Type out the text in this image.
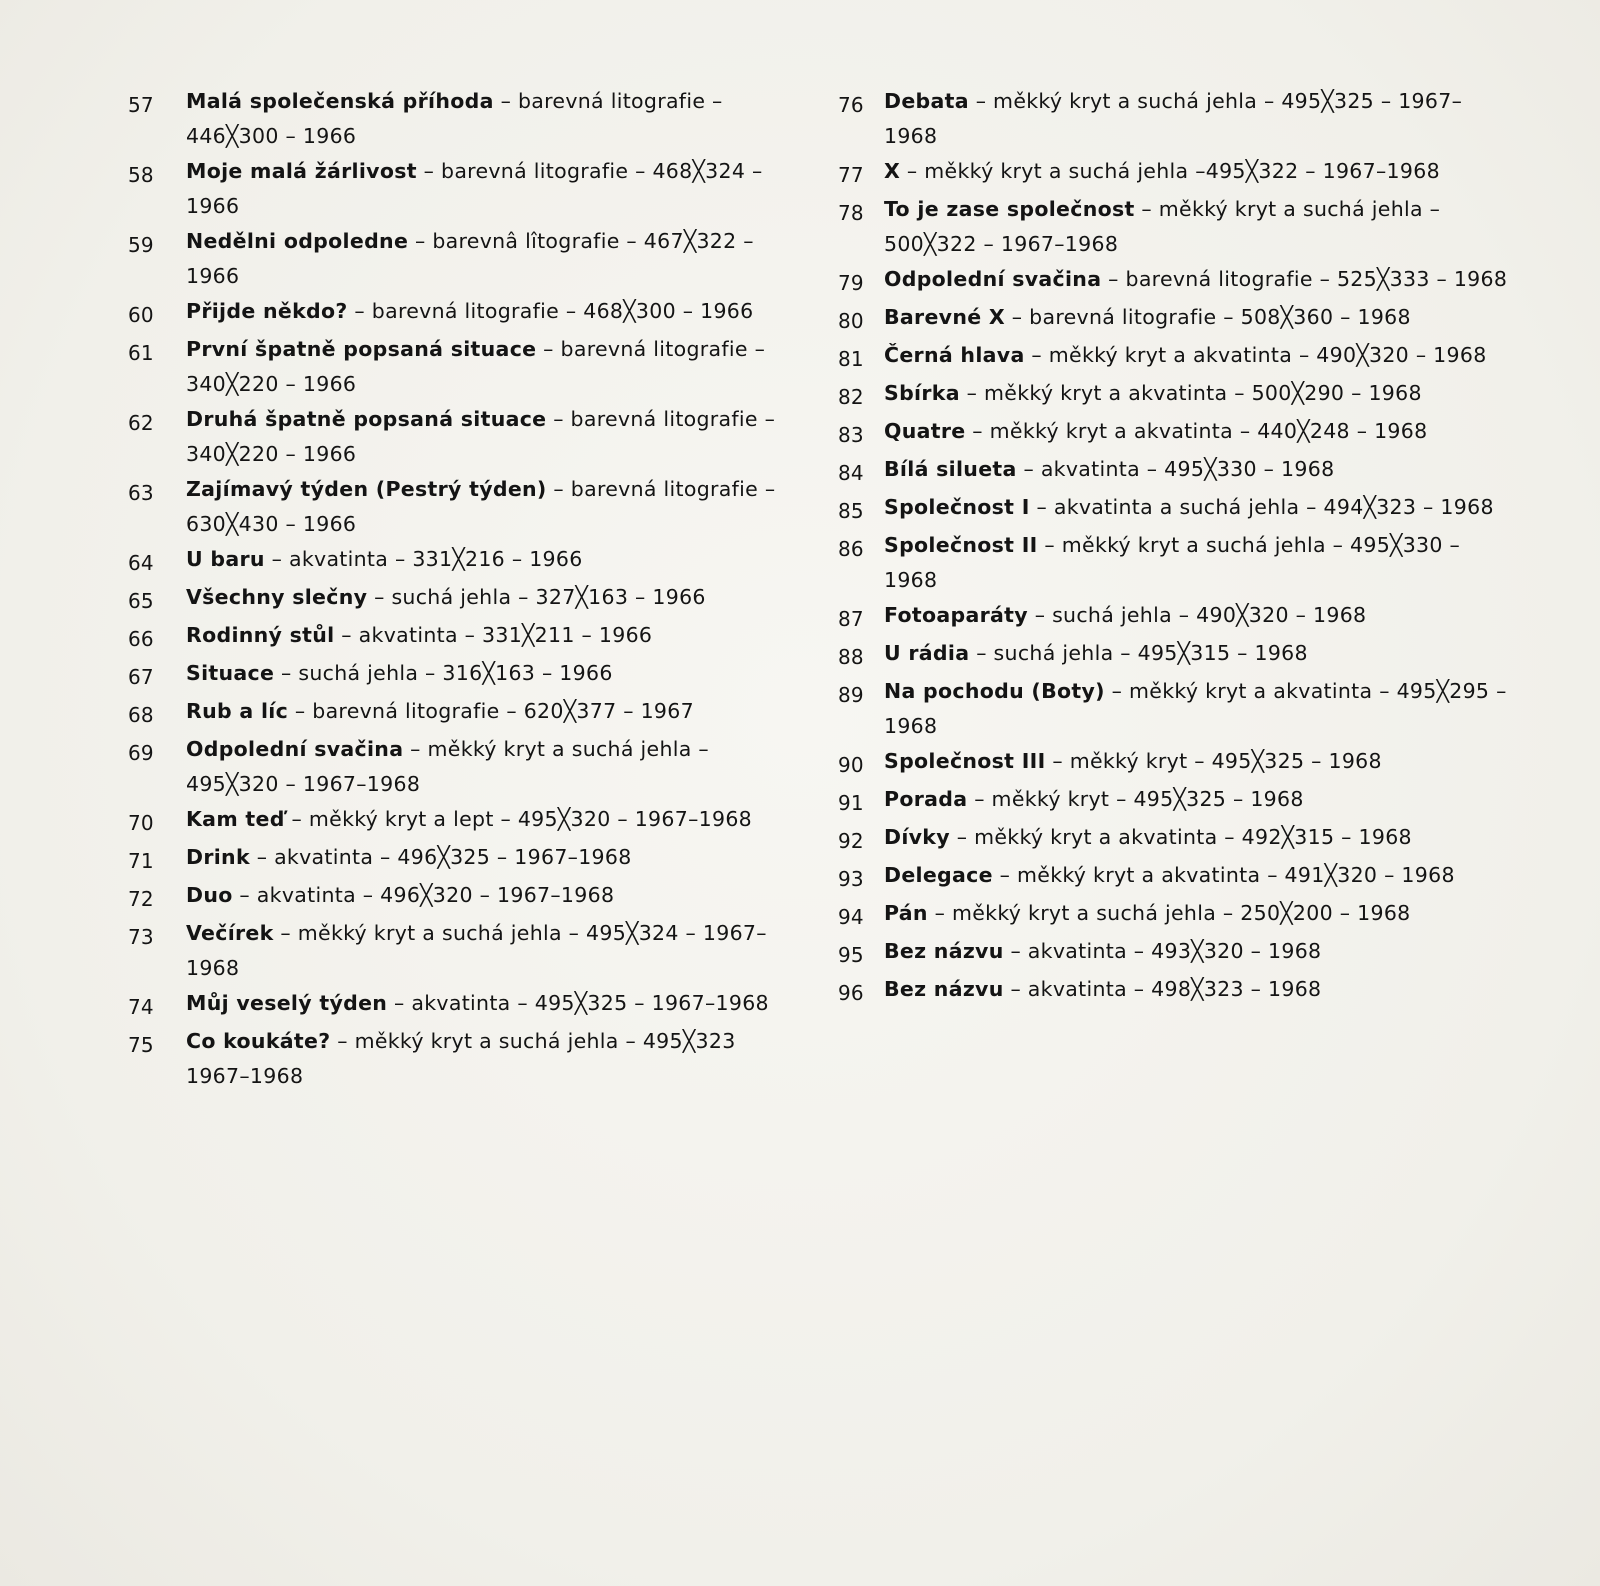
57	Malá společenská příhoda – barevná litografie – 446╳300 – 1966
58	Moje malá žárlivost – barevná litografie – 468╳324 – 1966
59	Nedělni odpoledne – barevnâ lîtografie – 467╳322 – 1966
60	Přijde někdo? – barevná litografie – 468╳300 – 1966
61	První špatně popsaná situace – barevná litografie – 340╳220 – 1966
62	Druhá špatně popsaná situace – barevná litografie – 340╳220 – 1966
63	Zajímavý týden (Pestrý týden) – barevná litografie – 630╳430 – 1966
64	U baru – akvatinta – 331╳216 – 1966
65	Všechny slečny – suchá jehla – 327╳163 – 1966
66	Rodinný stůl – akvatinta – 331╳211 – 1966
67	Situace – suchá jehla – 316╳163 – 1966
68	Rub a líc – barevná litografie – 620╳377 – 1967
69	Odpolední svačina – měkký kryt a suchá jehla – 495╳320 – 1967–1968
70	Kam teď – měkký kryt a lept – 495╳320 – 1967–1968
71	Drink – akvatinta – 496╳325 – 1967–1968
72	Duo – akvatinta – 496╳320 – 1967–1968
73	Večírek – měkký kryt a suchá jehla – 495╳324 – 1967–1968
74	Můj veselý týden – akvatinta – 495╳325 – 1967–1968
75	Co koukáte? – měkký kryt a suchá jehla – 495╳323 1967–1968
76 Debata – měkký kryt a suchá jehla – 495╳325 – 1967–1968
77 X – měkký kryt a suchá jehla –495╳322 – 1967–1968
78 To je zase společnost – měkký kryt a suchá jehla – 500╳322 – 1967–1968
79 Odpolední svačina – barevná litografie – 525╳333 – 1968
80 Barevné X – barevná litografie – 508╳360 – 1968
81 Černá hlava – měkký kryt a akvatinta – 490╳320 – 1968
82 Sbírka – měkký kryt a akvatinta – 500╳290 – 1968
83 Quatre – měkký kryt a akvatinta – 440╳248 – 1968
84 Bílá silueta – akvatinta – 495╳330 – 1968
85 Společnost I – akvatinta a suchá jehla – 494╳323 – 1968
86 Společnost II – měkký kryt a suchá jehla – 495╳330 – 1968
87 Fotoaparáty – suchá jehla – 490╳320 – 1968
88 U rádia – suchá jehla – 495╳315 – 1968
89 Na pochodu (Boty) – měkký kryt a akvatinta – 495╳295 – 1968
90 Společnost III – měkký kryt – 495╳325 – 1968
91 Porada – měkký kryt – 495╳325 – 1968
92 Dívky – měkký kryt a akvatinta – 492╳315 – 1968
93 Delegace – měkký kryt a akvatinta – 491╳320 – 1968
94 Pán – měkký kryt a suchá jehla – 250╳200 – 1968
95 Bez názvu – akvatinta – 493╳320 – 1968
96 Bez názvu – akvatinta – 498╳323 – 1968
